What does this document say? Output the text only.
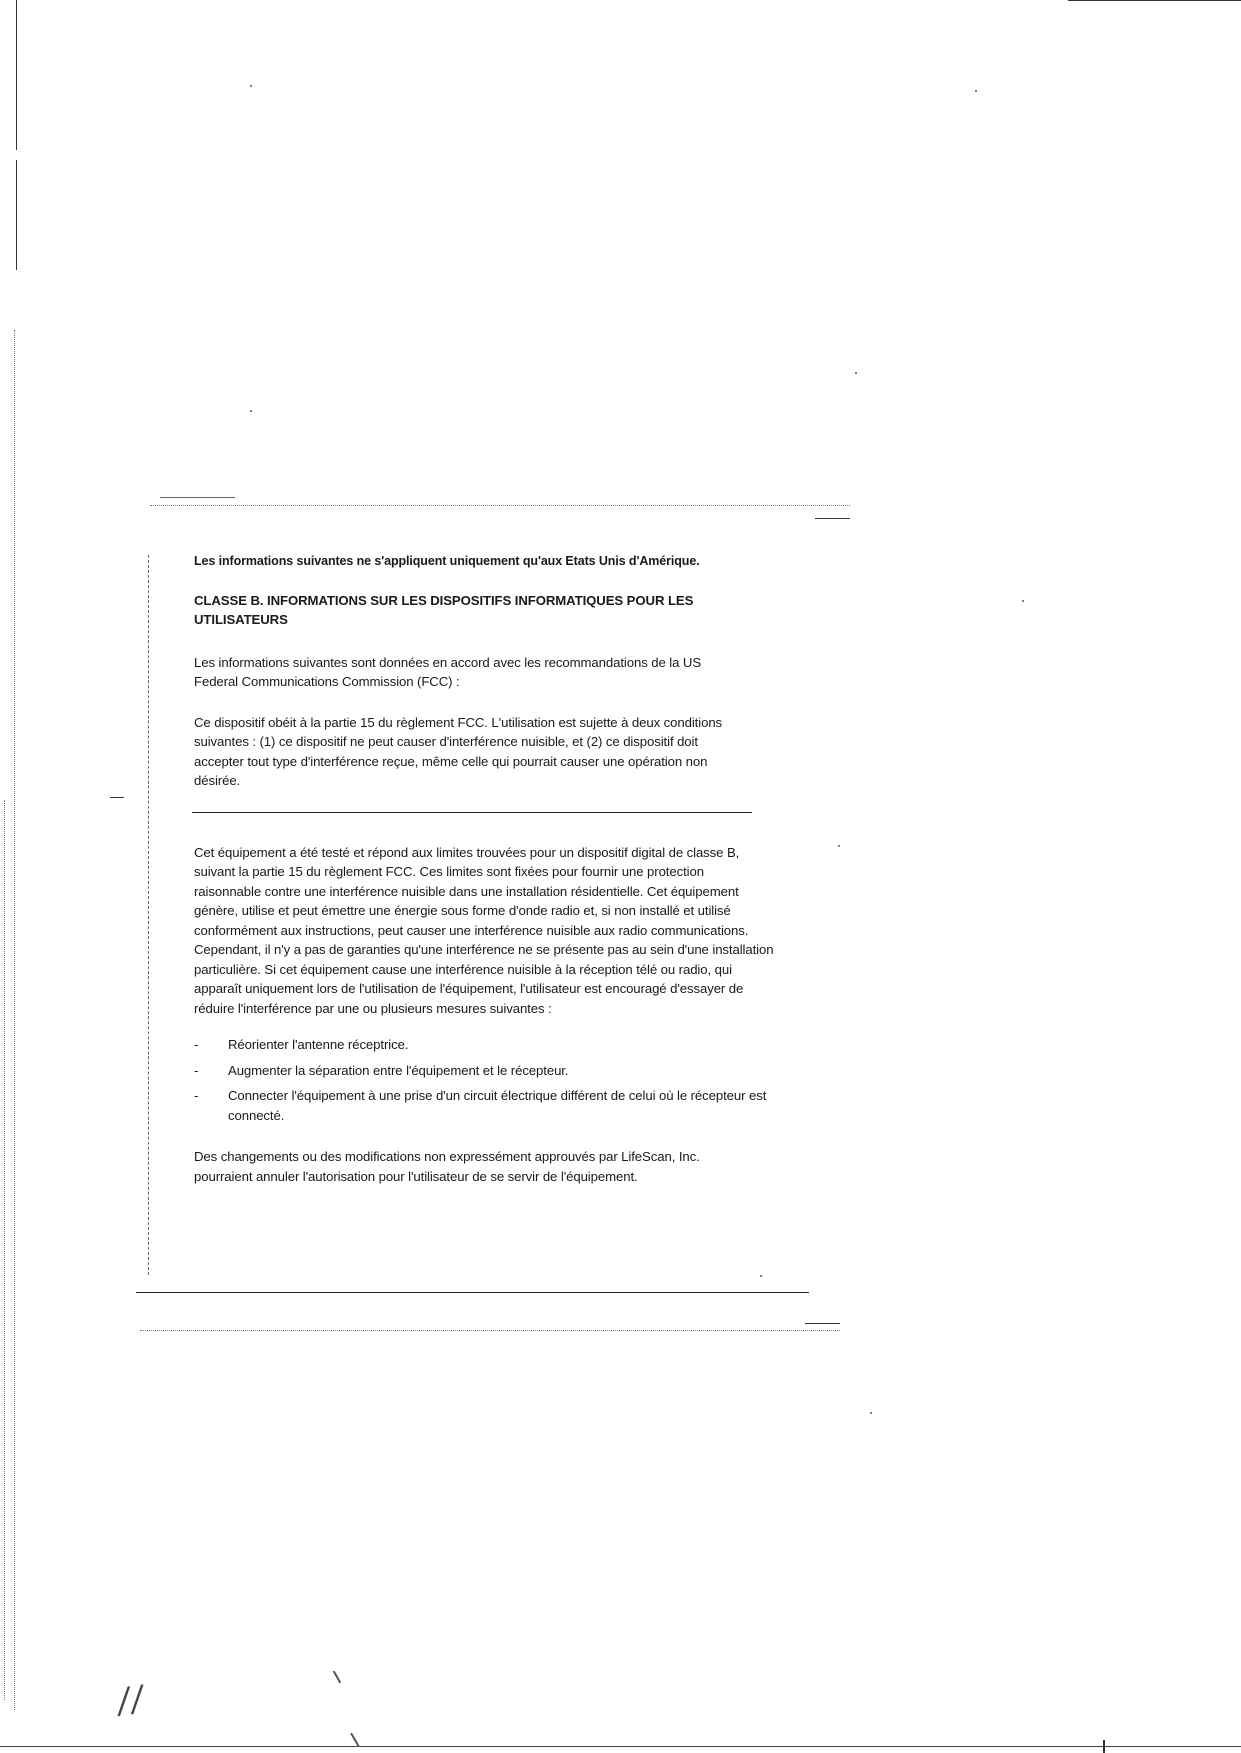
//

Les informations suivantes ne s'appliquent uniquement qu'aux Etats Unis d'Amérique.

CLASSE B. INFORMATIONS SUR LES DISPOSITIFS INFORMATIQUES POUR LES UTILISATEURS

Les informations suivantes sont données en accord avec les recommandations de la US Federal Communications Commission (FCC) :

Ce dispositif obéit à la partie 15 du règlement FCC. L'utilisation est sujette à deux conditions suivantes : (1) ce dispositif ne peut causer d'interférence nuisible, et (2) ce dispositif doit accepter tout type d'interférence reçue, même celle qui pourrait causer une opération non désirée.

Cet équipement a été testé et répond aux limites trouvées pour un dispositif digital de classe B, suivant la partie 15 du règlement FCC. Ces limites sont fixées pour fournir une protection raisonnable contre une interférence nuisible dans une installation résidentielle. Cet équipement génère, utilise et peut émettre une énergie sous forme d'onde radio et, si non installé et utilisé conformément aux instructions, peut causer une interférence nuisible aux radio communications. Cependant, il n'y a pas de garanties qu'une interférence ne se présente pas au sein d'une installation particulière. Si cet équipement cause une interférence nuisible à la réception télé ou radio, qui apparaît uniquement lors de l'utilisation de l'équipement, l'utilisateur est encouragé d'essayer de réduire l'interférence par une ou plusieurs mesures suivantes :

- Réorienter l'antenne réceptrice.
- Augmenter la séparation entre l'équipement et le récepteur.
- Connecter l'équipement à une prise d'un circuit électrique différent de celui où le récepteur est connecté.

Des changements ou des modifications non expressément approuvés par LifeScan, Inc. pourraient annuler l'autorisation pour l'utilisateur de se servir de l'équipement.
